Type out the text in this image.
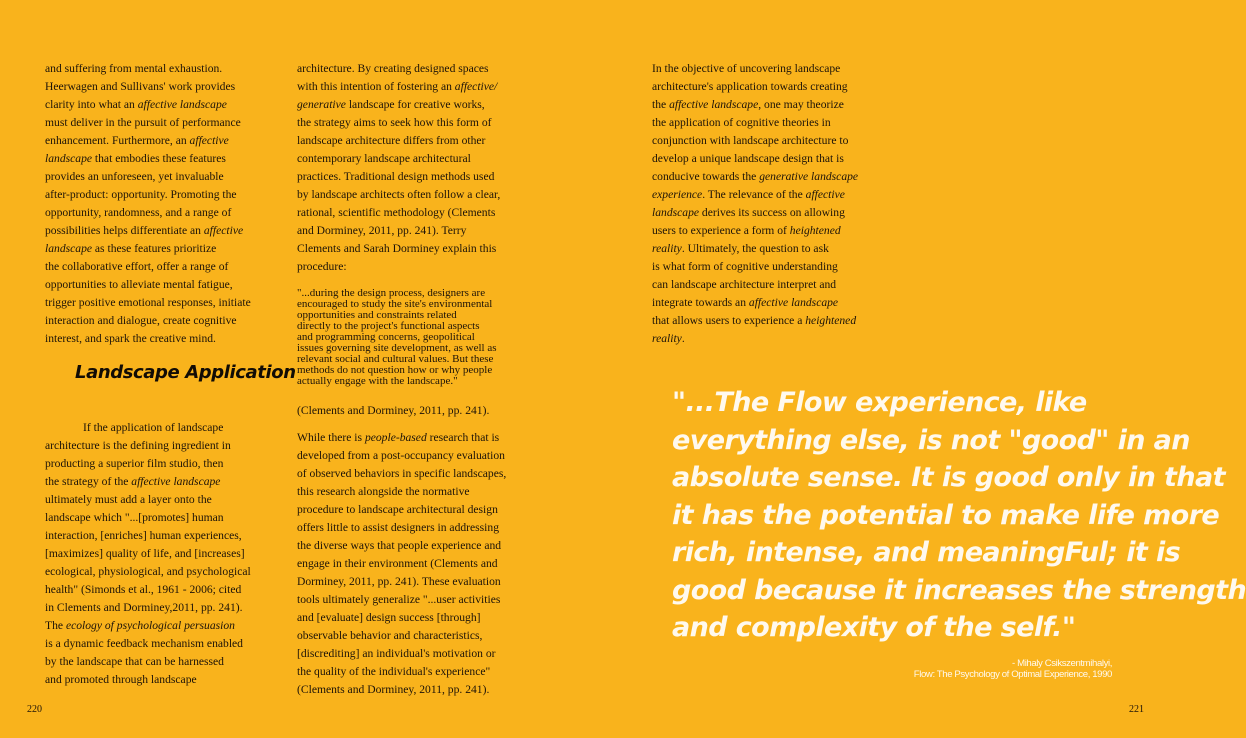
and suffering from mental exhaustion.
Heerwagen and Sullivans' work provides
clarity into what an affective landscape
must deliver in the pursuit of performance
enhancement. Furthermore, an affective
landscape that embodies these features
provides an unforeseen, yet invaluable
after-product: opportunity. Promoting the
opportunity, randomness, and a range of
possibilities helps differentiate an affective
landscape as these features prioritize
the collaborative effort, offer a range of
opportunities to alleviate mental fatigue,
trigger positive emotional responses, initiate
interaction and dialogue, create cognitive
interest, and spark the creative mind.
Landscape Application
If the application of landscape
architecture is the defining ingredient in
producting a superior film studio, then
the strategy of the affective landscape
ultimately must add a layer onto the
landscape which "...[promotes] human
interaction, [enriches] human experiences,
[maximizes] quality of life, and [increases]
ecological, physiological, and psychological
health" (Simonds et al., 1961 - 2006; cited
in Clements and Dorminey,2011, pp. 241).
The ecology of psychological persuasion
is a dynamic feedback mechanism enabled
by the landscape that can be harnessed
and promoted through landscape
architecture. By creating designed spaces
with this intention of fostering an affective/
generative landscape for creative works,
the strategy aims to seek how this form of
landscape architecture differs from other
contemporary landscape architectural
practices. Traditional design methods used
by landscape architects often follow a clear,
rational, scientific methodology (Clements
and Dorminey, 2011, pp. 241). Terry
Clements and Sarah Dorminey explain this
procedure:
"...during the design process, designers are
encouraged to study the site's environmental
opportunities and constraints related
directly to the project's functional aspects
and programming concerns, geopolitical
issues governing site development, as well as
relevant social and cultural values. But these
methods do not question how or why people
actually engage with the landscape."

(Clements and Dorminey, 2011, pp. 241).

While there is people-based research that is
developed from a post-occupancy evaluation
of observed behaviors in specific landscapes,
this research alongside the normative
procedure to landscape architectural design
offers little to assist designers in addressing
the diverse ways that people experience and
engage in their environment (Clements and
Dorminey, 2011, pp. 241). These evaluation
tools ultimately generalize "...user activities
and [evaluate] design success [through]
observable behavior and characteristics,
[discrediting] an individual's motivation or
the quality of the individual's experience"
(Clements and Dorminey, 2011, pp. 241).
220
In the objective of uncovering landscape
architecture's application towards creating
the affective landscape, one may theorize
the application of cognitive theories in
conjunction with landscape architecture to
develop a unique landscape design that is
conducive towards the generative landscape
experience. The relevance of the affective
landscape derives its success on allowing
users to experience a form of heightened
reality. Ultimately, the question to ask
is what form of cognitive understanding
can landscape architecture interpret and
integrate towards an affective landscape
that allows users to experience a heightened
reality.
"...The Flow experience, like
everything else, is not "good" in an
absolute sense. It is good only in that
it has the potential to make life more
rich, intense, and meaningFul; it is
good because it increases the strength
and complexity of the self."
- Mihaly Csikszentmihalyi,
Flow: The Psychology of Optimal Experience, 1990
221
